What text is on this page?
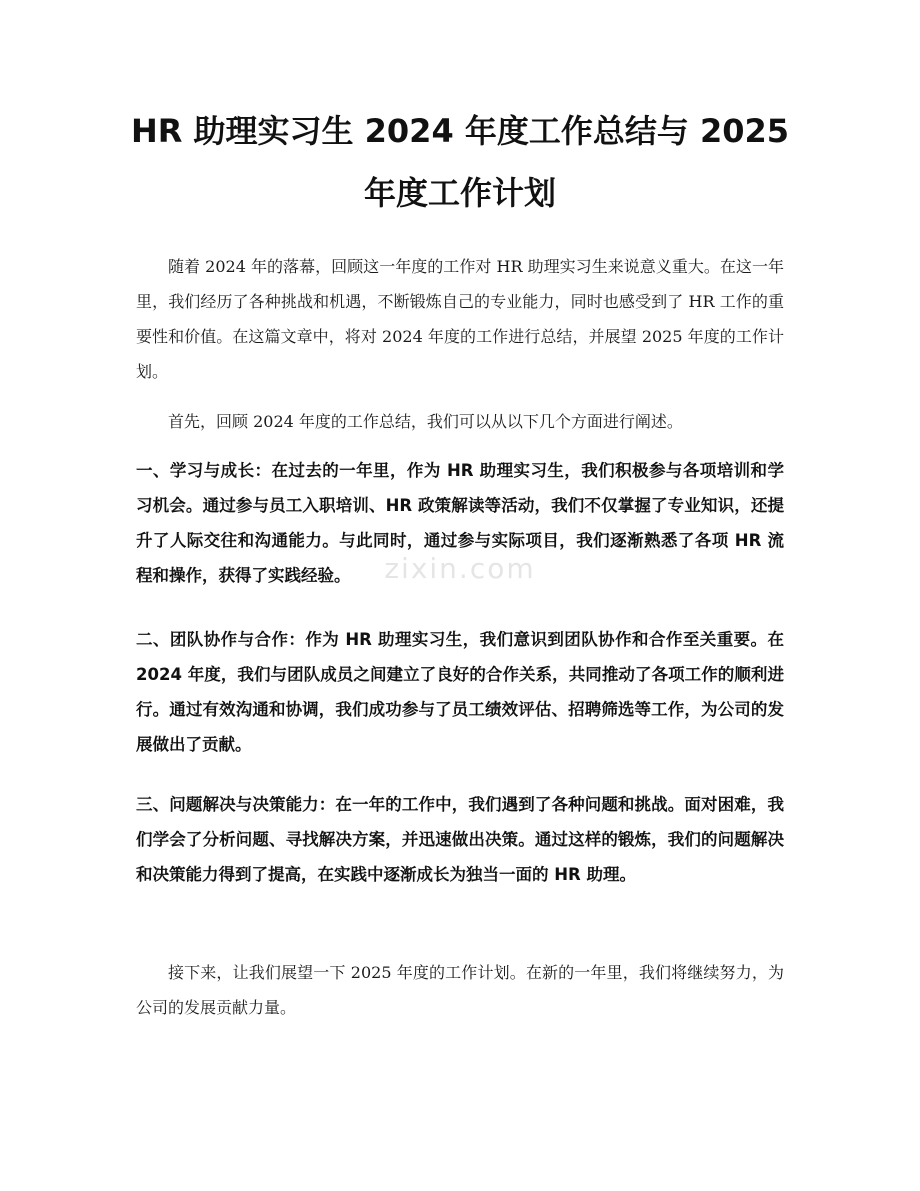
HR 助理实习生 2024 年度工作总结与 2025 年度工作计划

随着 2024 年的落幕，回顾这一年度的工作对 HR 助理实习生来说意义重大。在这一年里，我们经历了各种挑战和机遇，不断锻炼自己的专业能力，同时也感受到了 HR 工作的重要性和价值。在这篇文章中，将对 2024 年度的工作进行总结，并展望 2025 年度的工作计划。

首先，回顾 2024 年度的工作总结，我们可以从以下几个方面进行阐述。

一、学习与成长：在过去的一年里，作为 HR 助理实习生，我们积极参与各项培训和学习机会。通过参与员工入职培训、HR 政策解读等活动，我们不仅掌握了专业知识，还提升了人际交往和沟通能力。与此同时，通过参与实际项目，我们逐渐熟悉了各项 HR 流程和操作，获得了实践经验。

二、团队协作与合作：作为 HR 助理实习生，我们意识到团队协作和合作至关重要。在 2024 年度，我们与团队成员之间建立了良好的合作关系，共同推动了各项工作的顺利进行。通过有效沟通和协调，我们成功参与了员工绩效评估、招聘筛选等工作，为公司的发展做出了贡献。

三、问题解决与决策能力：在一年的工作中，我们遇到了各种问题和挑战。面对困难，我们学会了分析问题、寻找解决方案，并迅速做出决策。通过这样的锻炼，我们的问题解决和决策能力得到了提高，在实践中逐渐成长为独当一面的 HR 助理。

接下来，让我们展望一下 2025 年度的工作计划。在新的一年里，我们将继续努力，为公司的发展贡献力量。

zixin.com
